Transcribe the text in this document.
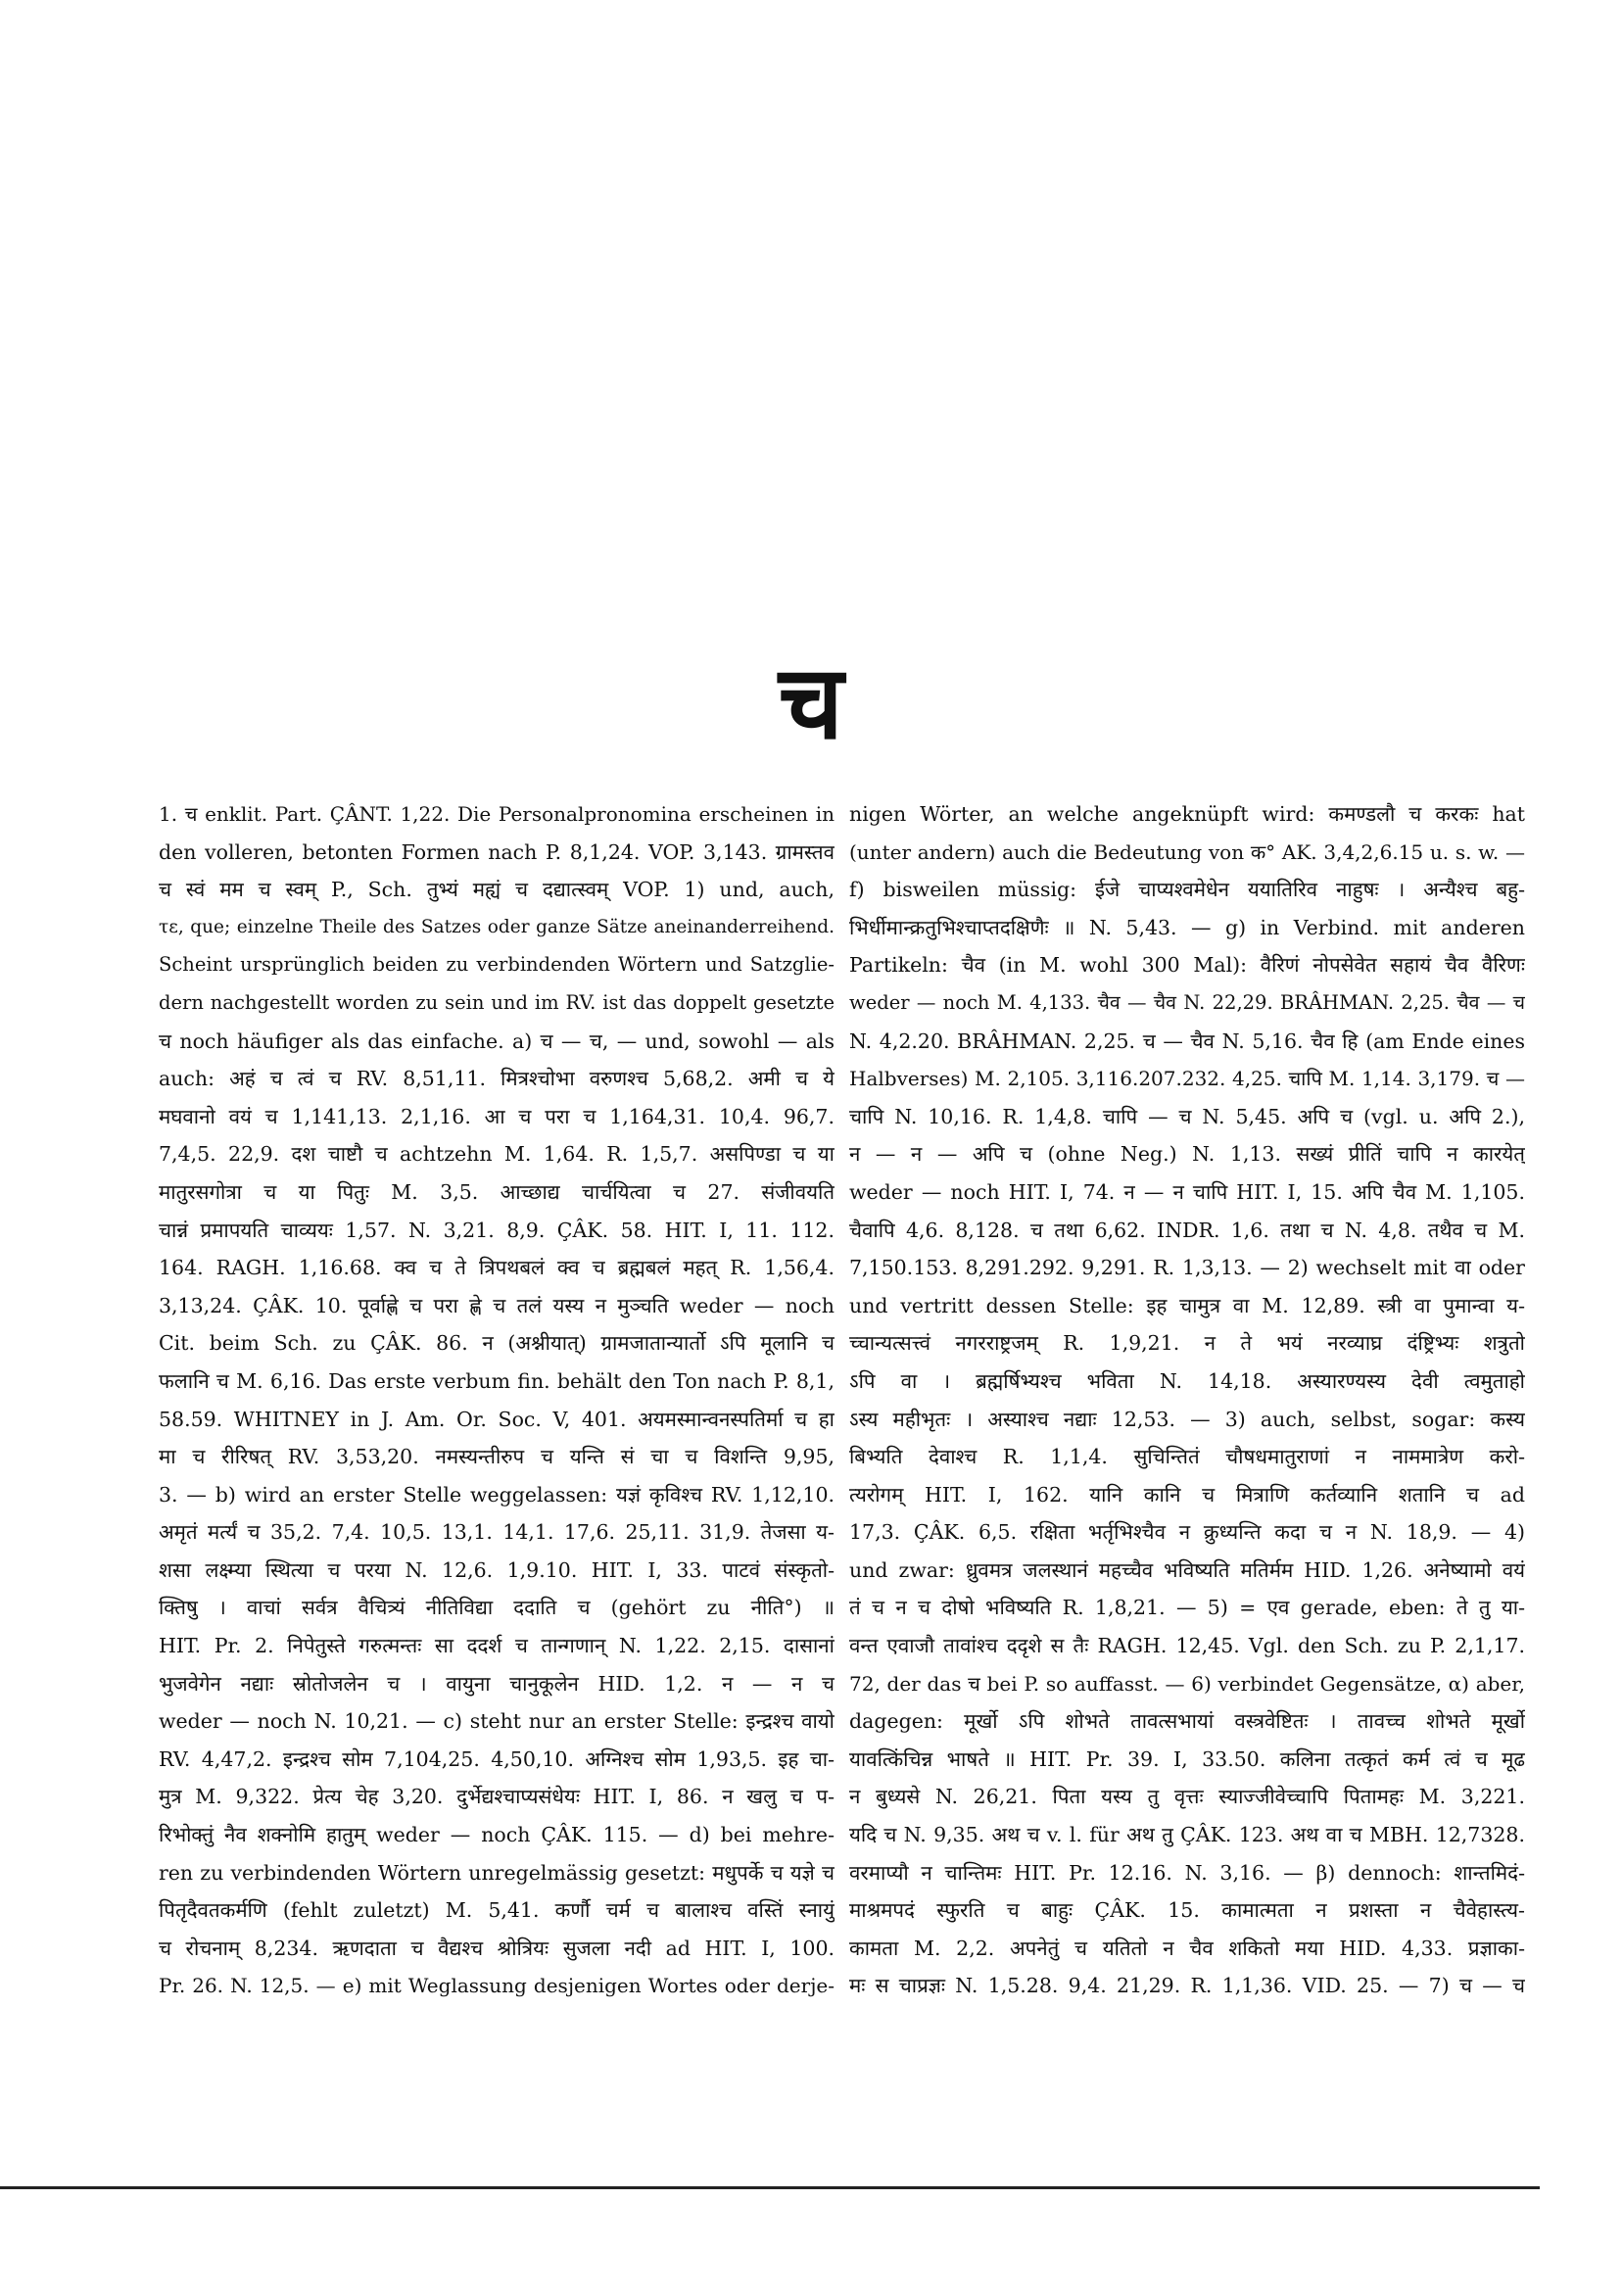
च
1. च enklit. Part. ÇÂNT. 1,22. Die Personalpronomina erscheinen in
den volleren, betonten Formen nach P. 8,1,24. VOP. 3,143. ग्रामस्तव
च स्वं मम च स्वम् P., Sch. तुभ्यं मह्यं च दद्यात्स्वम् VOP. 1) und, auch,
τε, que; einzelne Theile des Satzes oder ganze Sätze aneinanderreihend.
Scheint ursprünglich beiden zu verbindenden Wörtern und Satzglie-
dern nachgestellt worden zu sein und im RV. ist das doppelt gesetzte
च noch häufiger als das einfache. a) च — च, — und, sowohl — als
auch: अहं च त्वं च RV. 8,51,11. मित्रश्चोभा वरुणश्च 5,68,2. अमी च ये
मघवानो वयं च 1,141,13. 2,1,16. आ च परा च 1,164,31. 10,4. 96,7.
7,4,5. 22,9. दश चाष्टौ च achtzehn M. 1,64. R. 1,5,7. असपिण्डा च या
मातुरसगोत्रा च या पितुः M. 3,5. आच्छाद्य चार्चयित्वा च 27. संजीवयति
चान्नं प्रमापयति चाव्ययः 1,57. N. 3,21. 8,9. ÇÂK. 58. HIT. I, 11. 112.
164. RAGH. 1,16.68. क्व च ते त्रिपथबलं क्व च ब्रह्मबलं महत् R. 1,56,4.
3,13,24. ÇÂK. 10. पूर्वाह्णे च परा ह्णे च तलं यस्य न मुञ्चति weder — noch
Cit. beim Sch. zu ÇÂK. 86. न (अश्नीयात्) ग्रामजातान्यार्तो ऽपि मूलानि च
फलानि च M. 6,16. Das erste verbum fin. behält den Ton nach P. 8,1,
58.59. WHITNEY in J. Am. Or. Soc. V, 401. अयमस्मान्वनस्पतिर्मा च हा
मा च रीरिषत् RV. 3,53,20. नमस्यन्तीरुप च यन्ति सं चा च विशन्ति 9,95,
3. — b) wird an erster Stelle weggelassen: यज्ञं कृविश्च RV. 1,12,10.
अमृतं मर्त्यं च 35,2. 7,4. 10,5. 13,1. 14,1. 17,6. 25,11. 31,9. तेजसा य-
शसा लक्ष्म्या स्थित्या च परया N. 12,6. 1,9.10. HIT. I, 33. पाटवं संस्कृतो-
क्तिषु । वाचां सर्वत्र वैचित्र्यं नीतिविद्या ददाति च (gehört zu नीति°) ॥
HIT. Pr. 2. निपेतुस्ते गरुत्मन्तः सा ददर्श च तान्गणान् N. 1,22. 2,15. दासानां
भुजवेगेन नद्याः स्रोतोजलेन च । वायुना चानुकूलेन HID. 1,2. न — न च
weder — noch N. 10,21. — c) steht nur an erster Stelle: इन्द्रश्च वायो
RV. 4,47,2. इन्द्रश्च सोम 7,104,25. 4,50,10. अग्निश्च सोम 1,93,5. इह चा-
मुत्र M. 9,322. प्रेत्य चेह 3,20. दुर्भेद्यश्चाप्यसंधेयः HIT. I, 86. न खलु च प-
रिभोक्तुं नैव शक्नोमि हातुम् weder — noch ÇÂK. 115. — d) bei mehre-
ren zu verbindenden Wörtern unregelmässig gesetzt: मधुपर्के च यज्ञे च
पितृदैवतकर्मणि (fehlt zuletzt) M. 5,41. कर्णौ चर्म च बालाश्च वस्तिं स्नायुं
च रोचनाम् 8,234. ऋणदाता च वैद्यश्च श्रोत्रियः सुजला नदी ad HIT. I, 100.
Pr. 26. N. 12,5. — e) mit Weglassung desjenigen Wortes oder derje-
nigen Wörter, an welche angeknüpft wird: कमण्डलौ च करकः hat
(unter andern) auch die Bedeutung von क° AK. 3,4,2,6.15 u. s. w. —
f) bisweilen müssig: ईजे चाप्यश्वमेधेन ययातिरिव नाहुषः । अन्यैश्च बहु-
भिर्धीमान्क्रतुभिश्चाप्तदक्षिणैः ॥ N. 5,43. — g) in Verbind. mit anderen
Partikeln: चैव (in M. wohl 300 Mal): वैरिणं नोपसेवेत सहायं चैव वैरिणः
weder — noch M. 4,133. चैव — चैव N. 22,29. BRÂHMAN. 2,25. चैव — च
N. 4,2.20. BRÂHMAN. 2,25. च — चैव N. 5,16. चैव हि (am Ende eines
Halbverses) M. 2,105. 3,116.207.232. 4,25. चापि M. 1,14. 3,179. च —
चापि N. 10,16. R. 1,4,8. चापि — च N. 5,45. अपि च (vgl. u. अपि 2.),
न — न — अपि च (ohne Neg.) N. 1,13. सख्यं प्रीतिं चापि न कारयेत्
weder — noch HIT. I, 74. न — न चापि HIT. I, 15. अपि चैव M. 1,105.
चैवापि 4,6. 8,128. च तथा 6,62. INDR. 1,6. तथा च N. 4,8. तथैव च M.
7,150.153. 8,291.292. 9,291. R. 1,3,13. — 2) wechselt mit वा oder
und vertritt dessen Stelle: इह चामुत्र वा M. 12,89. स्त्री वा पुमान्वा य-
च्चान्यत्सत्त्वं नगरराष्ट्रजम् R. 1,9,21. न ते भयं नरव्याघ्र दंष्ट्रिभ्यः शत्रुतो
ऽपि वा । ब्रह्मर्षिभ्यश्च भविता N. 14,18. अस्यारण्यस्य देवी त्वमुताहो
ऽस्य महीभृतः । अस्याश्च नद्याः 12,53. — 3) auch, selbst, sogar: कस्य
बिभ्यति देवाश्च R. 1,1,4. सुचिन्तितं चौषधमातुराणां न नाममात्रेण करो-
त्यरोगम् HIT. I, 162. यानि कानि च मित्राणि कर्तव्यानि शतानि च ad
17,3. ÇÂK. 6,5. रक्षिता भर्तृभिश्चैव न क्रुध्यन्ति कदा च न N. 18,9. — 4)
und zwar: ध्रुवमत्र जलस्थानं महच्चैव भविष्यति मतिर्मम HID. 1,26. अनेष्यामो वयं
तं च न च दोषो भविष्यति R. 1,8,21. — 5) = एव gerade, eben: ते तु या-
वन्त एवाजौ तावांश्च ददृशे स तैः RAGH. 12,45. Vgl. den Sch. zu P. 2,1,17.
72, der das च bei P. so auffasst. — 6) verbindet Gegensätze, α) aber,
dagegen: मूर्खो ऽपि शोभते तावत्सभायां वस्त्रवेष्टितः । तावच्च शोभते मूर्खो
यावत्किंचिन्न भाषते ॥ HIT. Pr. 39. I, 33.50. कलिना तत्कृतं कर्म त्वं च मूढ
न बुध्यसे N. 26,21. पिता यस्य तु वृत्तः स्याज्जीवेच्चापि पितामहः M. 3,221.
यदि च N. 9,35. अथ च v. l. für अथ तु ÇÂK. 123. अथ वा च MBH. 12,7328.
वरमाप्यौ न चान्तिमः HIT. Pr. 12.16. N. 3,16. — β) dennoch: शान्तमिदं-
माश्रमपदं स्फुरति च बाहुः ÇÂK. 15. कामात्मता न प्रशस्ता न चैवेहास्त्य-
कामता M. 2,2. अपनेतुं च यतितो न चैव शकितो मया HID. 4,33. प्रज्ञाका-
मः स चाप्रज्ञः N. 1,5.28. 9,4. 21,29. R. 1,1,36. VID. 25. — 7) च — च
